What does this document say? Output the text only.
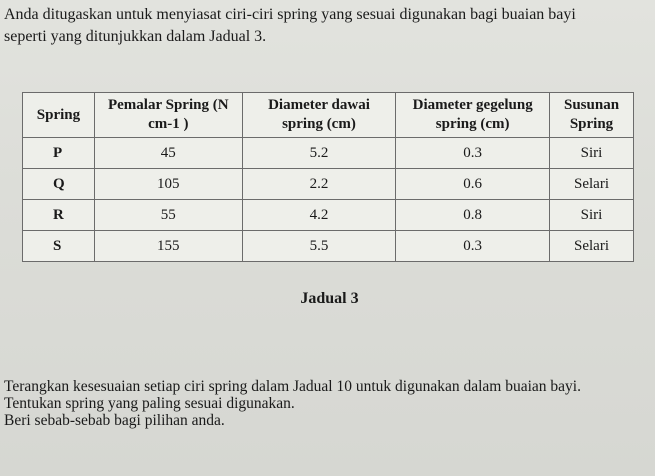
Anda ditugaskan untuk menyiasat ciri-ciri spring yang sesuai digunakan bagi buaian bayi

seperti yang ditunjukkan dalam Jadual 3.

Spring	Pemalar Spring (N cm-1 )	Diameter dawai spring (cm)	Diameter gegelung spring (cm)	Susunan Spring
P	45	5.2	0.3	Siri
Q	105	2.2	0.6	Selari
R	55	4.2	0.8	Siri
S	155	5.5	0.3	Selari
Jadual 3

Terangkan kesesuaian setiap ciri spring dalam Jadual 10 untuk digunakan dalam buaian bayi.

Tentukan spring yang paling sesuai digunakan.

Beri sebab-sebab bagi pilihan anda.
